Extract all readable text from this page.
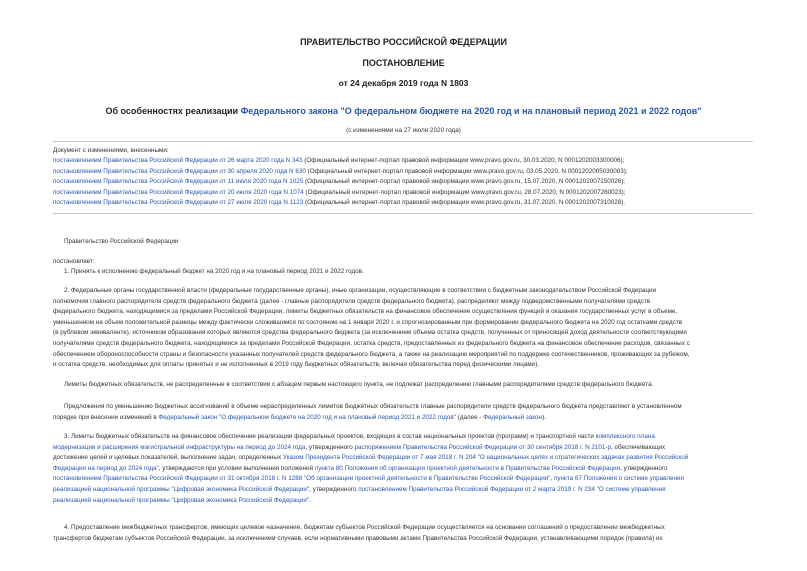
ПРАВИТЕЛЬСТВО РОССИЙСКОЙ ФЕДЕРАЦИИ
ПОСТАНОВЛЕНИЕ
от 24 декабря 2019 года N 1803
Об особенностях реализации Федерального закона "О федеральном бюджете на 2020 год и на плановый период 2021 и 2022 годов"
(с изменениями на 27 июля 2020 года)
Документ с изменениями, внесенными:
постановлением Правительства Российской Федерации от 26 марта 2020 года N 343 (Официальный интернет-портал правовой информации www.pravo.gov.ru, 30.03.2020, N 0001202003300006);
постановлением Правительства Российской Федерации от 30 апреля 2020 года N 630 (Официальный интернет-портал правовой информации www.pravo.gov.ru, 03.05.2020, N 0001202005030003);
постановлением Правительства Российской Федерации от 11 июля 2020 года N 1025 (Официальный интернет-портал правовой информации www.pravo.gov.ru, 15.07.2020, N 0001202007150026);
постановлением Правительства Российской Федерации от 20 июля 2020 года N 1074 (Официальный интернет-портал правовой информации www.pravo.gov.ru, 28.07.2020, N 0001202007280023);
постановлением Правительства Российской Федерации от 27 июля 2020 года N 1123 (Официальный интернет-портал правовой информации www.pravo.gov.ru, 31.07.2020, N 0001202007310028).
Правительство Российской Федерации
постановляет:
1. Принять к исполнению федеральный бюджет на 2020 год и на плановый период 2021 и 2022 годов.
2. Федеральные органы государственной власти (федеральные государственные органы), иные организации, осуществляющие в соответствии с бюджетным законодательством Российской Федерации
полномочия главного распорядителя средств федерального бюджета (далее - главные распорядители средств федерального бюджета), распределяют между подведомственными получателями средств
федерального бюджета, находящимися за пределами Российской Федерации, лимиты бюджетных обязательств на финансовое обеспечение осуществления функций и оказания государственных услуг в объеме,
уменьшенном на объем положительной разницы между фактически сложившимся по состоянию на 1 января 2020 г. и спрогнозированным при формировании федерального бюджета на 2020 год остатками средств
(в рублевом эквиваленте), источником образования которых являются средства федерального бюджета (за исключением объема остатка средств, полученных от приносящей доход деятельности соответствующими
получателями средств федерального бюджета, находящимися за пределами Российской Федерации, остатка средств, предоставленных из федерального бюджета на финансовое обеспечение расходов, связанных с
обеспечением обороноспособности страны и безопасности указанных получателей средств федерального бюджета, а также на реализацию мероприятий по поддержке соотечественников, проживающих за рубежом,
и остатка средств, необходимых для оплаты принятых и не исполненных в 2019 году бюджетных обязательств, включая обязательства перед физическими лицами).
Лимиты бюджетных обязательств, не распределенные в соответствии с абзацем первым настоящего пункта, не подлежат распределению главными распорядителями средств федерального бюджета.
Предложения по уменьшению бюджетных ассигнований в объеме нераспределенных лимитов бюджетных обязательств главные распорядители средств федерального бюджета представляют в установленном
порядке при внесении изменений в Федеральный закон "О федеральном бюджете на 2020 год и на плановый период 2021 и 2022 годов" (далее - Федеральный закон).
3. Лимиты бюджетных обязательств на финансовое обеспечение реализации федеральных проектов, входящих в состав национальных проектов (программ) и транспортной части комплексного плана
модернизации и расширения магистральной инфраструктуры на период до 2024 года, утвержденного распоряжением Правительства Российской Федерации от 30 сентября 2018 г. N 2101-р, обеспечивающих
достижение целей и целевых показателей, выполнение задач, определенных Указом Президента Российской Федерации от 7 мая 2018 г. N 204 "О национальных целях и стратегических задачах развития Российской
Федерации на период до 2024 года", утверждаются при условии выполнения положений пункта 80 Положения об организации проектной деятельности в Правительстве Российской Федерации, утвержденного
постановлением Правительства Российской Федерации от 31 октября 2018 г. N 1288 "Об организации проектной деятельности в Правительстве Российской Федерации", пункта 67 Положения о системе управления
реализацией национальной программы "Цифровая экономика Российской Федерации", утвержденного постановлением Правительства Российской Федерации от 2 марта 2019 г. N 234 "О системе управления
реализацией национальной программы "Цифровая экономика Российской Федерации".
4. Предоставление межбюджетных трансфертов, имеющих целевое назначение, бюджетам субъектов Российской Федерации осуществляется на основании соглашений о предоставлении межбюджетных
трансфертов бюджетам субъектов Российской Федерации, за исключением случаев, если нормативными правовыми актами Правительства Российской Федерации, устанавливающими порядок (правила) их
